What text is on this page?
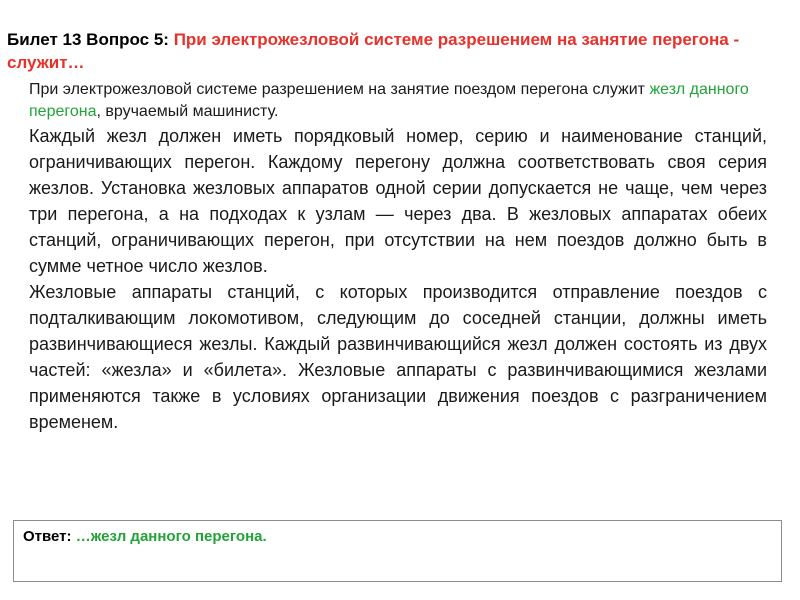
Билет 13 Вопрос 5: При электрожезловой системе разрешением на занятие перегона - служит…

При электрожезловой системе разрешением на занятие поездом перегона служит жезл данного перегона, вручаемый машинисту.

Каждый жезл должен иметь порядковый номер, серию и наименование станций, ограничивающих перегон. Каждому перегону должна соответствовать своя серия жезлов. Установка жезловых аппаратов одной серии допускается не чаще, чем через три перегона, а на подходах к узлам — через два. В жезловых аппаратах обеих станций, ограничивающих перегон, при отсутствии на нем поездов должно быть в сумме четное число жезлов.

Жезловые аппараты станций, с которых производится отправление поездов с подталкивающим локомотивом, следующим до соседней станции, должны иметь развинчивающиеся жезлы. Каждый развинчивающийся жезл должен состоять из двух частей: «жезла» и «билета». Жезловые аппараты с развинчивающимися жезлами применяются также в условиях организации движения поездов с разграничением временем.

Ответ: …жезл данного перегона.
